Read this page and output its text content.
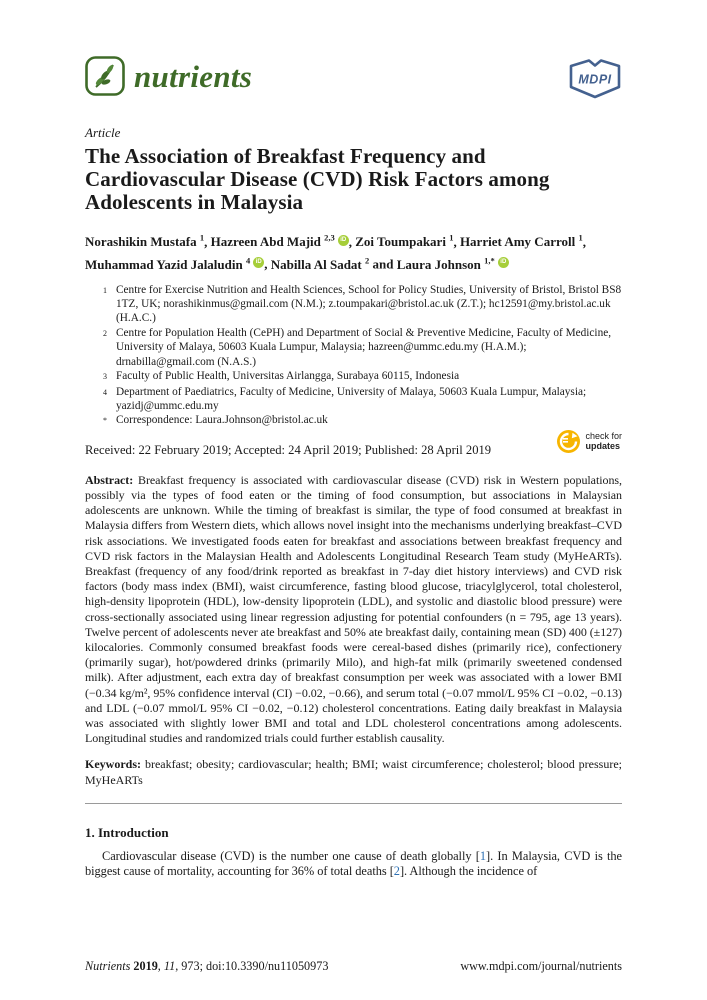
nutrients	MDPI
Article
The Association of Breakfast Frequency and Cardiovascular Disease (CVD) Risk Factors among Adolescents in Malaysia
Norashikin Mustafa $^1$, Hazreen Abd Majid $^{2,3}$ iD , Zoi Toumpakari $^1$, Harriet Amy Carroll $^1$, Muhammad Yazid Jalaludin $^4$ iD , Nabilla Al Sadat $^2$ and Laura Johnson $^{1,*}$ iD
1 Centre for Exercise Nutrition and Health Sciences, School for Policy Studies, University of Bristol, Bristol BS8 1TZ, UK; norashikinmus@gmail.com (N.M.); z.toumpakari@bristol.ac.uk (Z.T.); hc12591@my.bristol.ac.uk (H.A.C.)
2 Centre for Population Health (CePH) and Department of Social & Preventive Medicine, Faculty of Medicine, University of Malaya, 50603 Kuala Lumpur, Malaysia; hazreen@ummc.edu.my (H.A.M.); drnabilla@gmail.com (N.A.S.)
3 Faculty of Public Health, Universitas Airlangga, Surabaya 60115, Indonesia
4 Department of Paediatrics, Faculty of Medicine, University of Malaya, 50603 Kuala Lumpur, Malaysia; yazidj@ummc.edu.my
* Correspondence: Laura.Johnson@bristol.ac.uk
Received: 22 February 2019; Accepted: 24 April 2019; Published: 28 April 2019
check for
updates
Abstract: Breakfast frequency is associated with cardiovascular disease (CVD) risk in Western populations, possibly via the types of food eaten or the timing of food consumption, but associations in Malaysian adolescents are unknown. While the timing of breakfast is similar, the type of food consumed at breakfast in Malaysia differs from Western diets, which allows novel insight into the mechanisms underlying breakfast–CVD risk associations. We investigated foods eaten for breakfast and associations between breakfast frequency and CVD risk factors in the Malaysian Health and Adolescents Longitudinal Research Team study (MyHeARTs). Breakfast (frequency of any food/drink reported as breakfast in 7-day diet history interviews) and CVD risk factors (body mass index (BMI), waist circumference, fasting blood glucose, triacylglycerol, total cholesterol, high-density lipoprotein (HDL), low-density lipoprotein (LDL), and systolic and diastolic blood pressure) were cross-sectionally associated using linear regression adjusting for potential confounders (n = 795, age 13 years). Twelve percent of adolescents never ate breakfast and 50% ate breakfast daily, containing mean (SD) 400 (±127) kilocalories. Commonly consumed breakfast foods were cereal-based dishes (primarily rice), confectionery (primarily sugar), hot/powdered drinks (primarily Milo), and high-fat milk (primarily sweetened condensed milk). After adjustment, each extra day of breakfast consumption per week was associated with a lower BMI (−0.34 kg/m², 95% confidence interval (CI) −0.02, −0.66), and serum total (−0.07 mmol/L 95% CI −0.02, −0.13) and LDL (−0.07 mmol/L 95% CI −0.02, −0.12) cholesterol concentrations. Eating daily breakfast in Malaysia was associated with slightly lower BMI and total and LDL cholesterol concentrations among adolescents. Longitudinal studies and randomized trials could further establish causality.
Keywords: breakfast; obesity; cardiovascular; health; BMI; waist circumference; cholesterol; blood pressure; MyHeARTs
1. Introduction
Cardiovascular disease (CVD) is the number one cause of death globally [1]. In Malaysia, CVD is the biggest cause of mortality, accounting for 36% of total deaths [2]. Although the incidence of
Nutrients 2019, 11, 973; doi:10.3390/nu11050973	www.mdpi.com/journal/nutrients
